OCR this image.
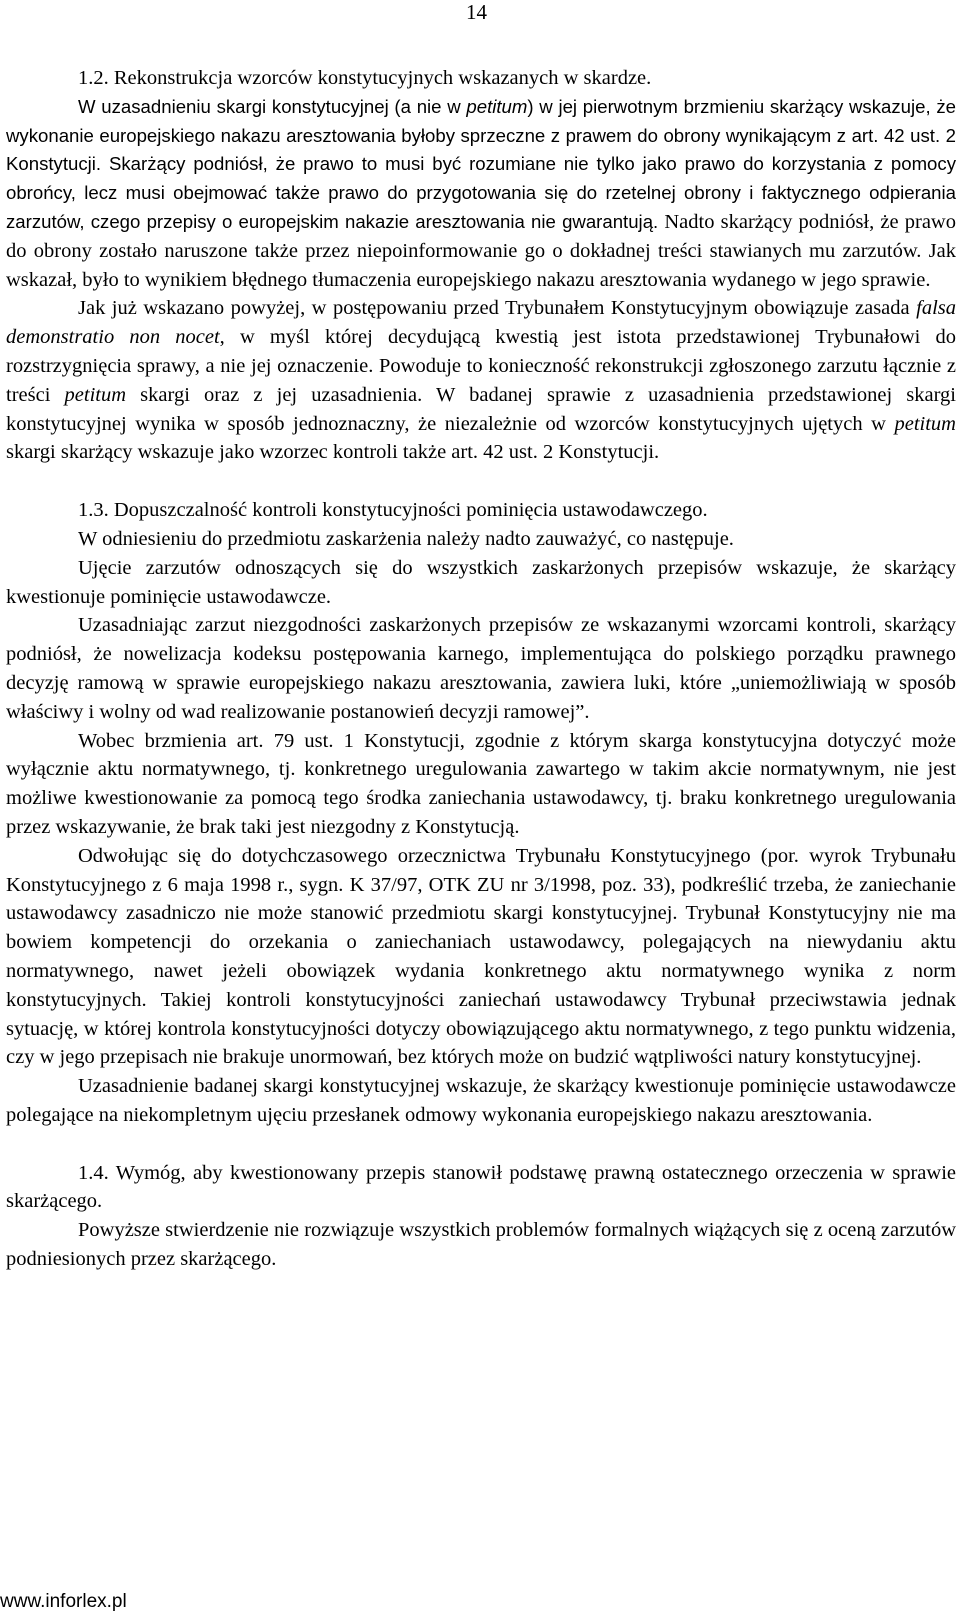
14

1.2. Rekonstrukcja wzorców konstytucyjnych wskazanych w skardze.

W uzasadnieniu skargi konstytucyjnej (a nie w petitum) w jej pierwotnym brzmieniu skarżący wskazuje, że wykonanie europejskiego nakazu aresztowania byłoby sprzeczne z prawem do obrony wynikającym z art. 42 ust. 2 Konstytucji. Skarżący podniósł, że prawo to musi być rozumiane nie tylko jako prawo do korzystania z pomocy obrońcy, lecz musi obejmować także prawo do przygotowania się do rzetelnej obrony i faktycznego odpierania zarzutów, czego przepisy o europejskim nakazie aresztowania nie gwarantują. Nadto skarżący podniósł, że prawo do obrony zostało naruszone także przez niepoinformowanie go o dokładnej treści stawianych mu zarzutów. Jak wskazał, było to wynikiem błędnego tłumaczenia europejskiego nakazu aresztowania wydanego w jego sprawie.

Jak już wskazano powyżej, w postępowaniu przed Trybunałem Konstytucyjnym obowiązuje zasada falsa demonstratio non nocet, w myśl której decydującą kwestią jest istota przedstawionej Trybunałowi do rozstrzygnięcia sprawy, a nie jej oznaczenie. Powoduje to konieczność rekonstrukcji zgłoszonego zarzutu łącznie z treści petitum skargi oraz z jej uzasadnienia. W badanej sprawie z uzasadnienia przedstawionej skargi konstytucyjnej wynika w sposób jednoznaczny, że niezależnie od wzorców konstytucyjnych ujętych w petitum skargi skarżący wskazuje jako wzorzec kontroli także art. 42 ust. 2 Konstytucji.

1.3. Dopuszczalność kontroli konstytucyjności pominięcia ustawodawczego.

W odniesieniu do przedmiotu zaskarżenia należy nadto zauważyć, co następuje.

Ujęcie zarzutów odnoszących się do wszystkich zaskarżonych przepisów wskazuje, że skarżący kwestionuje pominięcie ustawodawcze.

Uzasadniając zarzut niezgodności zaskarżonych przepisów ze wskazanymi wzorcami kontroli, skarżący podniósł, że nowelizacja kodeksu postępowania karnego, implementująca do polskiego porządku prawnego decyzję ramową w sprawie europejskiego nakazu aresztowania, zawiera luki, które „uniemożliwiają w sposób właściwy i wolny od wad realizowanie postanowień decyzji ramowej”.

Wobec brzmienia art. 79 ust. 1 Konstytucji, zgodnie z którym skarga konstytucyjna dotyczyć może wyłącznie aktu normatywnego, tj. konkretnego uregulowania zawartego w takim akcie normatywnym, nie jest możliwe kwestionowanie za pomocą tego środka zaniechania ustawodawcy, tj. braku konkretnego uregulowania przez wskazywanie, że brak taki jest niezgodny z Konstytucją.

Odwołując się do dotychczasowego orzecznictwa Trybunału Konstytucyjnego (por. wyrok Trybunału Konstytucyjnego z 6 maja 1998 r., sygn. K 37/97, OTK ZU nr 3/1998, poz. 33), podkreślić trzeba, że zaniechanie ustawodawcy zasadniczo nie może stanowić przedmiotu skargi konstytucyjnej. Trybunał Konstytucyjny nie ma bowiem kompetencji do orzekania o zaniechaniach ustawodawcy, polegających na niewydaniu aktu normatywnego, nawet jeżeli obowiązek wydania konkretnego aktu normatywnego wynika z norm konstytucyjnych. Takiej kontroli konstytucyjności zaniechań ustawodawcy Trybunał przeciwstawia jednak sytuację, w której kontrola konstytucyjności dotyczy obowiązującego aktu normatywnego, z tego punktu widzenia, czy w jego przepisach nie brakuje unormowań, bez których może on budzić wątpliwości natury konstytucyjnej.

Uzasadnienie badanej skargi konstytucyjnej wskazuje, że skarżący kwestionuje pominięcie ustawodawcze polegające na niekompletnym ujęciu przesłanek odmowy wykonania europejskiego nakazu aresztowania.

1.4. Wymóg, aby kwestionowany przepis stanowił podstawę prawną ostatecznego orzeczenia w sprawie skarżącego.

Powyższe stwierdzenie nie rozwiązuje wszystkich problemów formalnych wiążących się z oceną zarzutów podniesionych przez skarżącego.

www.inforlex.pl
